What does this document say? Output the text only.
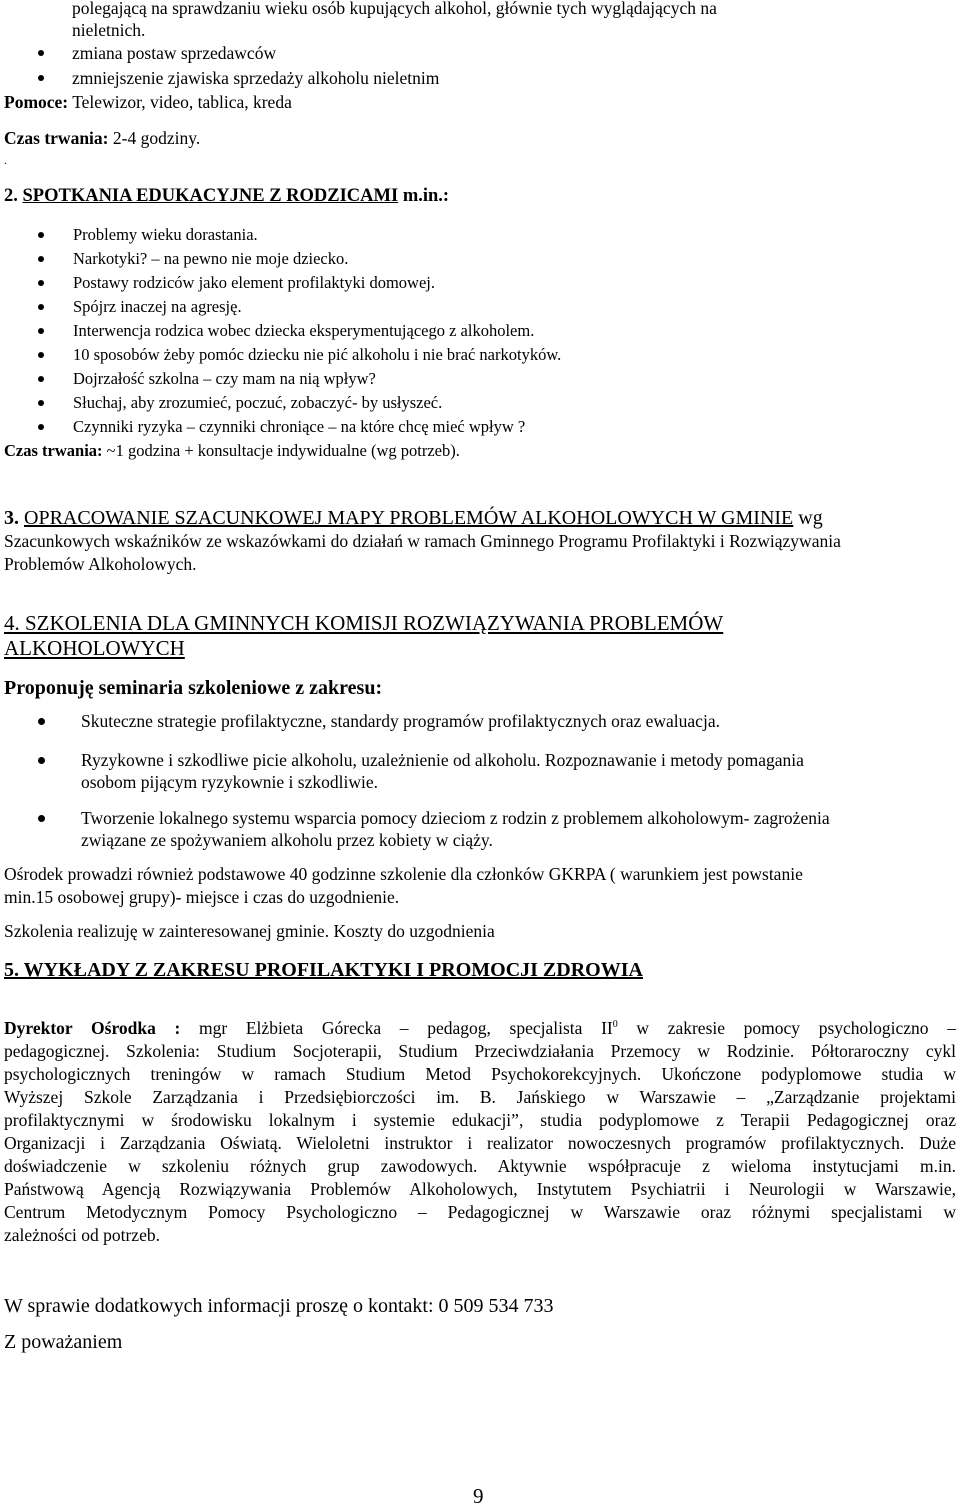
polegającą na sprawdzaniu wieku osób kupujących alkohol, głównie tych wyglądających na
nieletnich.
zmiana postaw sprzedawców
zmniejszenie zjawiska sprzedaży alkoholu nieletnim
Pomoce: Telewizor, video, tablica, kreda
Czas trwania: 2-4 godziny.
.
2. SPOTKANIA EDUKACYJNE Z RODZICAMI m.in.:
Problemy wieku dorastania.
Narkotyki? – na pewno nie moje dziecko.
Postawy rodziców jako element profilaktyki domowej.
Spójrz inaczej na agresję.
Interwencja rodzica wobec dziecka eksperymentującego z alkoholem.
10 sposobów żeby pomóc dziecku nie pić alkoholu i nie brać narkotyków.
Dojrzałość szkolna – czy mam na nią wpływ?
Słuchaj, aby zrozumieć, poczuć, zobaczyć- by usłyszeć.
Czynniki ryzyka – czynniki chroniące – na które chcę mieć wpływ ?
Czas trwania: ~1 godzina + konsultacje indywidualne (wg potrzeb).
3. OPRACOWANIE SZACUNKOWEJ MAPY PROBLEMÓW ALKOHOLOWYCH W GMINIE wg
Szacunkowych wskaźników ze wskazówkami do działań w ramach Gminnego Programu Profilaktyki i Rozwiązywania
Problemów Alkoholowych.
4. SZKOLENIA DLA GMINNYCH KOMISJI ROZWIĄZYWANIA PROBLEMÓW
ALKOHOLOWYCH
Proponuję seminaria szkoleniowe z zakresu:
Skuteczne strategie profilaktyczne, standardy programów profilaktycznych oraz ewaluacja.
Ryzykowne i szkodliwe picie alkoholu, uzależnienie od alkoholu. Rozpoznawanie i metody pomagania
osobom pijącym ryzykownie i szkodliwie.
Tworzenie lokalnego systemu wsparcia pomocy dzieciom z rodzin z problemem alkoholowym- zagrożenia
związane ze spożywaniem alkoholu przez kobiety w ciąży.
Ośrodek prowadzi również podstawowe 40 godzinne szkolenie dla członków GKRPA ( warunkiem jest powstanie
min.15 osobowej grupy)- miejsce i czas do uzgodnienie.
Szkolenia realizuję w zainteresowanej gminie. Koszty do uzgodnienia
5. WYKŁADY Z ZAKRESU PROFILAKTYKI I PROMOCJI ZDROWIA
Dyrektor Ośrodka : mgr Elżbieta Górecka – pedagog, specjalista $II^0$ w zakresie pomocy psychologiczno –
pedagogicznej. Szkolenia: Studium Socjoterapii, Studium Przeciwdziałania Przemocy w Rodzinie. Półtoraroczny cykl
psychologicznych treningów w ramach Studium Metod Psychokorekcyjnych. Ukończone podyplomowe studia w
Wyższej Szkole Zarządzania i Przedsiębiorczości im. B. Jańskiego w Warszawie – „Zarządzanie projektami
profilaktycznymi w środowisku lokalnym i systemie edukacji”, studia podyplomowe z Terapii Pedagogicznej oraz
Organizacji i Zarządzania Oświatą. Wieloletni instruktor i realizator nowoczesnych programów profilaktycznych. Duże
doświadczenie w szkoleniu różnych grup zawodowych. Aktywnie współpracuje z wieloma instytucjami m.in.
Państwową Agencją Rozwiązywania Problemów Alkoholowych, Instytutem Psychiatrii i Neurologii w Warszawie,
Centrum Metodycznym Pomocy Psychologiczno – Pedagogicznej w Warszawie oraz różnymi specjalistami w
zależności od potrzeb.
W sprawie dodatkowych informacji proszę o kontakt: 0 509 534 733
Z poważaniem
9
